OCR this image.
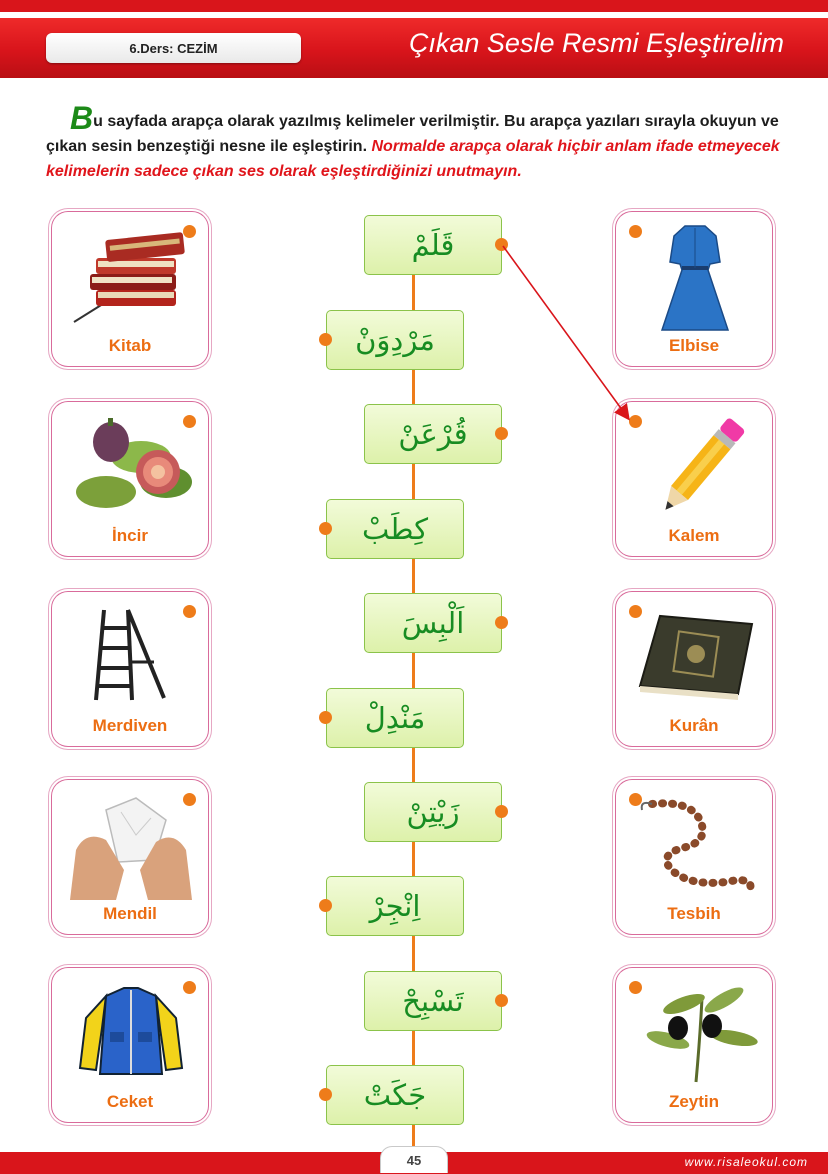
6.Ders: CEZİM	Çıkan Sesle Resmi Eşleştirelim
Bu sayfada arapça olarak yazılmış kelimeler verilmiştir. Bu arapça yazıları sırayla okuyun ve çıkan sesin benzeştiği nesne ile eşleştirin. Normalde arapça olarak hiçbir anlam ifade etmeyecek kelimelerin sadece çıkan ses olarak eşleştirdiğinizi unutmayın.
Kitab
İncir
Merdiven
Mendil
Ceket
Elbise
Kalem
Kurân
Tesbih
Zeytin
قَلَمْ
مَرْدِوَنْ
قُرْعَنْ
كِطَبْ
اَلْبِسَ
مَنْدِلْ
زَيْتِنْ
اِنْجِرْ
تَسْبِحْ
جَكَتْ
45	www.risaleokul.com
